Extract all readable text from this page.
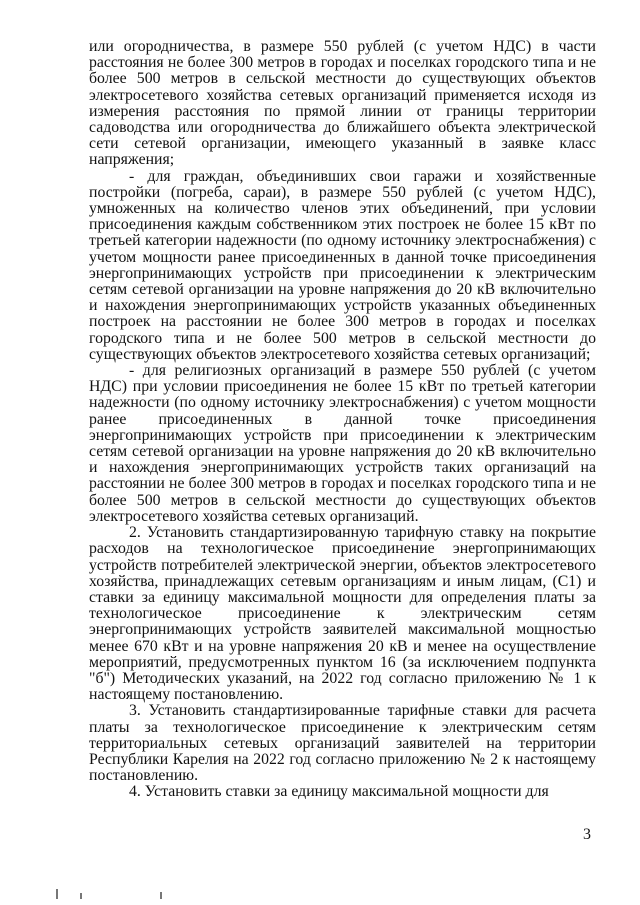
или огородничества, в размере 550 рублей (с учетом НДС) в части расстояния не более 300 метров в городах и поселках городского типа и не более 500 метров в сельской местности до существующих объектов электросетевого хозяйства сетевых организаций применяется исходя из измерения расстояния по прямой линии от границы территории садоводства или огородничества до ближайшего объекта электрической сети сетевой организации, имеющего указанный в заявке класс напряжения;

- для граждан, объединивших свои гаражи и хозяйственные постройки (погреба, сараи), в размере 550 рублей (с учетом НДС), умноженных на количество членов этих объединений, при условии присоединения каждым собственником этих построек не более 15 кВт по третьей категории надежности (по одному источнику электроснабжения) с учетом мощности ранее присоединенных в данной точке присоединения энергопринимающих устройств при присоединении к электрическим сетям сетевой организации на уровне напряжения до 20 кВ включительно и нахождения энергопринимающих устройств указанных объединенных построек на расстоянии не более 300 метров в городах и поселках городского типа и не более 500 метров в сельской местности до существующих объектов электросетевого хозяйства сетевых организаций;

- для религиозных организаций в размере 550 рублей (с учетом НДС) при условии присоединения не более 15 кВт по третьей категории надежности (по одному источнику электроснабжения) с учетом мощности ранее присоединенных в данной точке присоединения энергопринимающих устройств при присоединении к электрическим сетям сетевой организации на уровне напряжения до 20 кВ включительно и нахождения энергопринимающих устройств таких организаций на расстоянии не более 300 метров в городах и поселках городского типа и не более 500 метров в сельской местности до существующих объектов электросетевого хозяйства сетевых организаций.

2. Установить стандартизированную тарифную ставку на покрытие расходов на технологическое присоединение энергопринимающих устройств потребителей электрической энергии, объектов электросетевого хозяйства, принадлежащих сетевым организациям и иным лицам, (С1) и ставки за единицу максимальной мощности для определения платы за технологическое присоединение к электрическим сетям энергопринимающих устройств заявителей максимальной мощностью менее 670 кВт и на уровне напряжения 20 кВ и менее на осуществление мероприятий, предусмотренных пунктом 16 (за исключением подпункта "б") Методических указаний, на 2022 год согласно приложению № 1 к настоящему постановлению.

3. Установить стандартизированные тарифные ставки для расчета платы за технологическое присоединение к электрическим сетям территориальных сетевых организаций заявителей на территории Республики Карелия на 2022 год согласно приложению № 2 к настоящему постановлению.

4. Установить ставки за единицу максимальной мощности для

3
